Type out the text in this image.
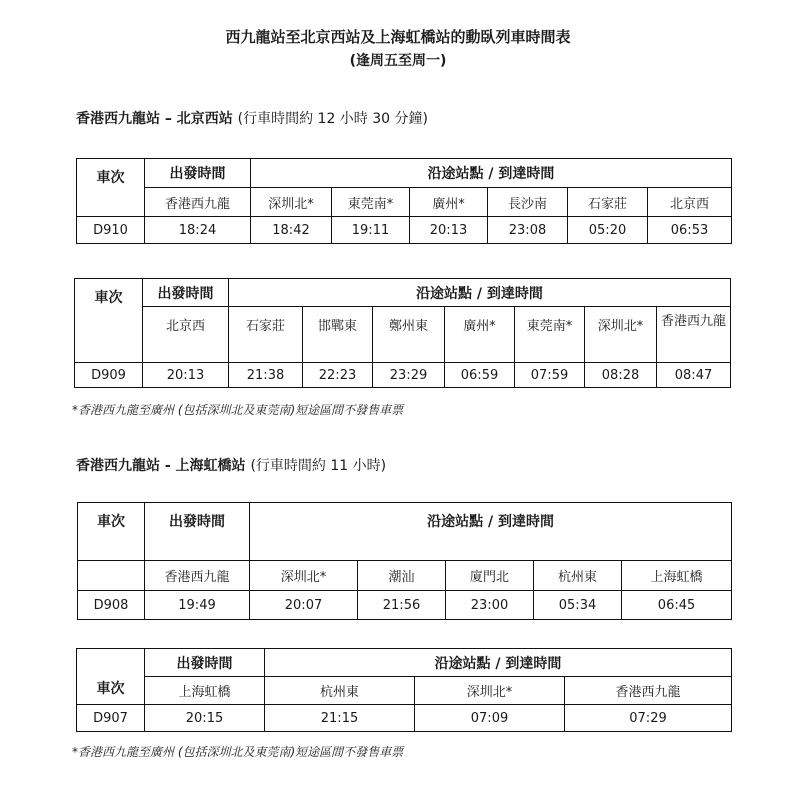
西九龍站至北京西站及上海虹橋站的動臥列車時間表
(逢周五至周一)
香港西九龍站 – 北京西站 (行車時間約 12 小時 30 分鐘)
車次	出發時間	沿途站點 / 到達時間					
	香港西九龍	深圳北*	東莞南*	廣州*	長沙南	石家莊	北京西
D910	18:24	18:42	19:11	20:13	23:08	05:20	06:53
車次	出發時間	沿途站點 / 到達時間						
	北京西	石家莊	邯鄲東	鄭州東	廣州*	東莞南*	深圳北*	香港西九龍
D909	20:13	21:38	22:23	23:29	06:59	07:59	08:28	08:47
*香港西九龍至廣州 (包括深圳北及東莞南)短途區間不發售車票
香港西九龍站 - 上海虹橋站 (行車時間約 11 小時)
車次	出發時間	沿途站點 / 到達時間				
	香港西九龍	深圳北*	潮汕	廈門北	杭州東	上海虹橋
D908	19:49	20:07	21:56	23:00	05:34	06:45
車次	出發時間	沿途站點 / 到達時間		
	上海虹橋	杭州東	深圳北*	香港西九龍
D907	20:15	21:15	07:09	07:29
*香港西九龍至廣州 (包括深圳北及東莞南)短途區間不發售車票
